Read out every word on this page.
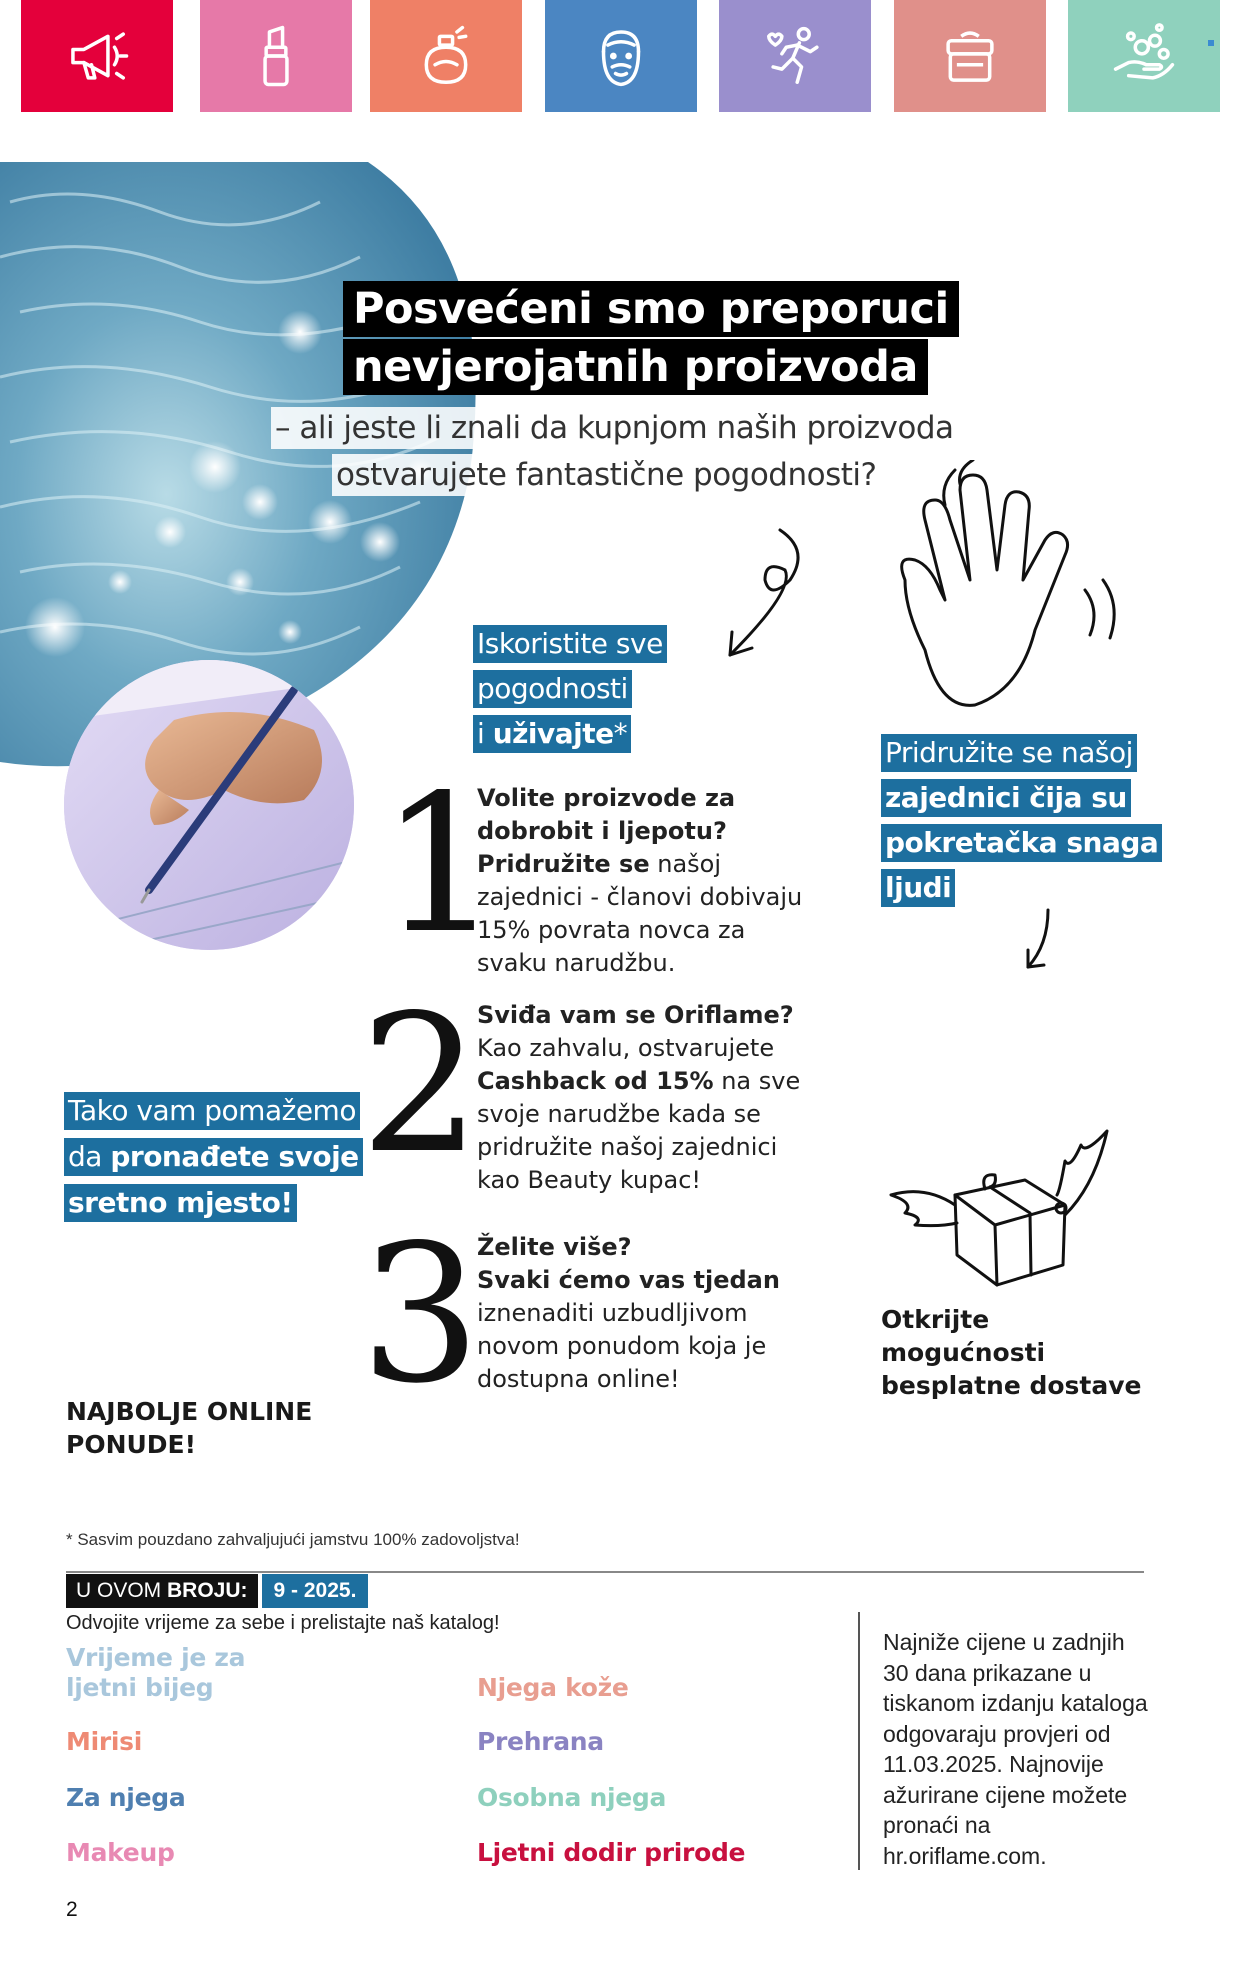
Posvećeni smo preporuci
nevjerojatnih proizvoda
– ali jeste li znali da kupnjom naših proizvoda
ostvarujete fantastične pogodnosti?
Iskoristite sve
pogodnosti
i uživajte*
Pridružite se našoj
zajednici čija su
pokretačka snaga
ljudi
Tako vam pomažemo
da pronađete svoje
sretno mjesto!
1
Volite proizvode za dobrobit i ljepotu?
Pridružite se našoj zajednici - članovi dobivaju 15% povrata novca za svaku narudžbu.
2
Sviđa vam se Oriflame?
Kao zahvalu, ostvarujete Cashback od 15% na sve svoje narudžbe kada se pridružite našoj zajednici kao Beauty kupac!
3
Želite više?
Svaki ćemo vas tjedan
iznenaditi uzbudljivom novom ponudom koja je dostupna online!
Otkrijte mogućnosti besplatne dostave
NAJBOLJE ONLINE PONUDE!
* Sasvim pouzdano zahvaljujući jamstvu 100% zadovoljstva!
U OVOM BROJU:	9 - 2025.
Odvojite vrijeme za sebe i prelistajte naš katalog!
Vrijeme je za ljetni bijeg
Mirisi
Za njega
Makeup
Njega kože
Prehrana
Osobna njega
Ljetni dodir prirode
Najniže cijene u zadnjih 30 dana prikazane u tiskanom izdanju kataloga odgovaraju provjeri od 11.03.2025. Najnovije ažurirane cijene možete pronaći na hr.oriflame.com.
2
